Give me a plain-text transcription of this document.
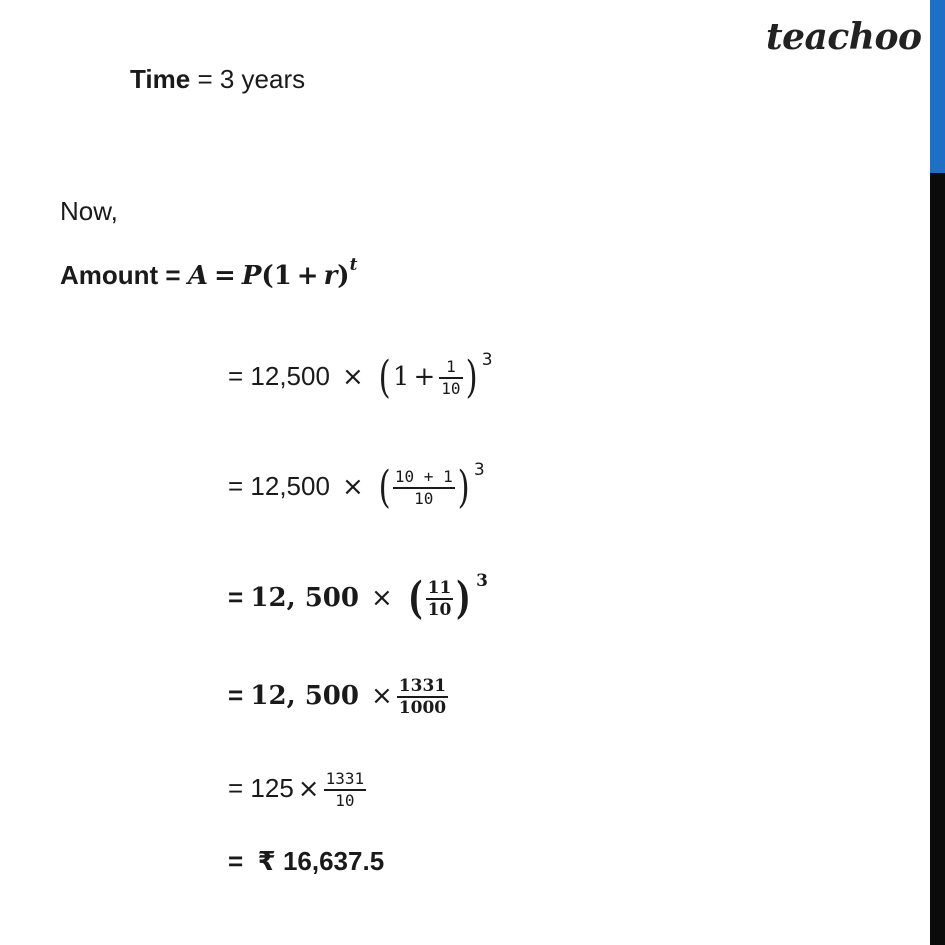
teachoo
Time = 3 years
Now,
Amount = $A = P(1 + r)^t$
= $12,500 \times (1 + \frac{1}{10}$ ) $^3$
= 12,500 × ( $\frac{10 + 1}{10}$ ) $^3$
= 12, 500 × ( $\frac{11}{10}$ ) $^3$
= 12, $500 \times \frac{1331}{1000}$
= $125 \times \frac{1331}{10}$
=  ₹ 16,637.5
